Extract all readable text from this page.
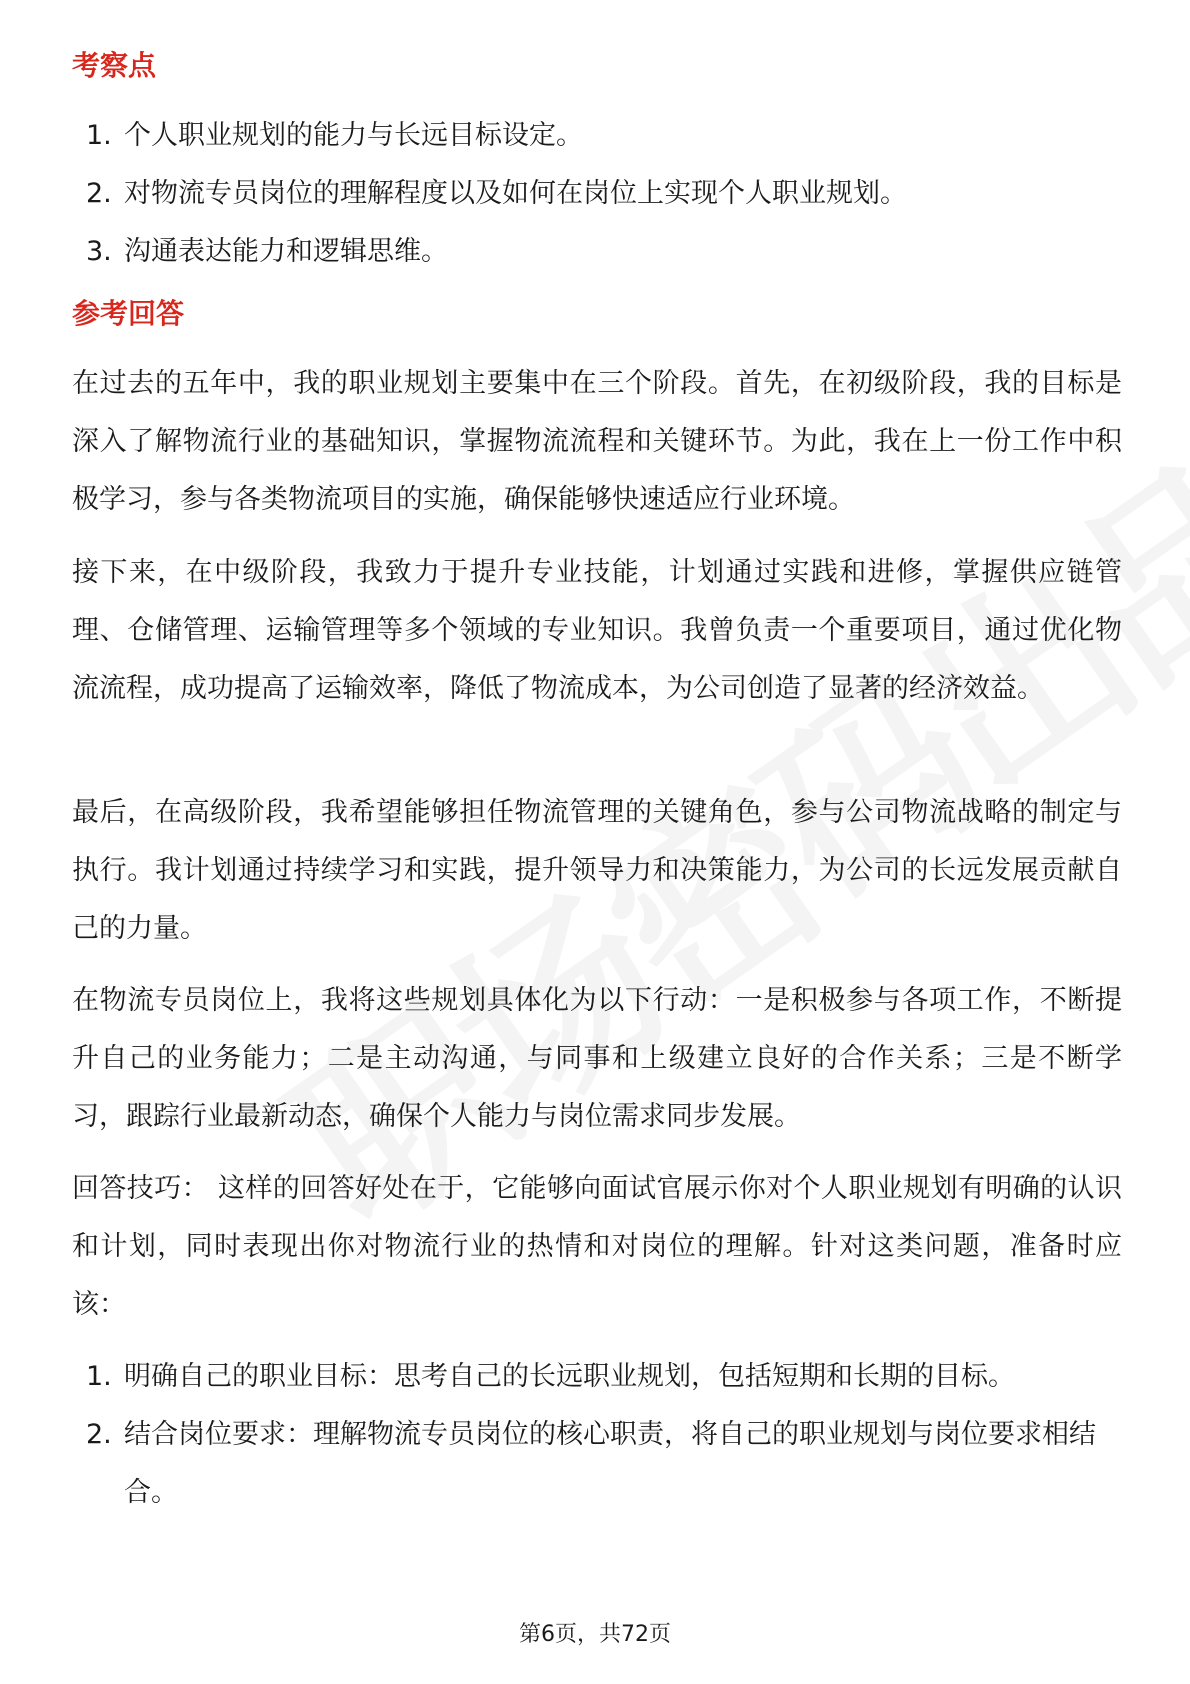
考察点
1. 个人职业规划的能力与长远目标设定。
2. 对物流专员岗位的理解程度以及如何在岗位上实现个人职业规划。
3. 沟通表达能力和逻辑思维。
参考回答

在过去的五年中，我的职业规划主要集中在三个阶段。首先，在初级阶段，我的目标是深入了解物流行业的基础知识，掌握物流流程和关键环节。为此，我在上一份工作中积极学习，参与各类物流项目的实施，确保能够快速适应行业环境。

接下来，在中级阶段，我致力于提升专业技能，计划通过实践和进修，掌握供应链管理、仓储管理、运输管理等多个领域的专业知识。我曾负责一个重要项目，通过优化物流流程，成功提高了运输效率，降低了物流成本，为公司创造了显著的经济效益。

最后，在高级阶段，我希望能够担任物流管理的关键角色，参与公司物流战略的制定与执行。我计划通过持续学习和实践，提升领导力和决策能力，为公司的长远发展贡献自己的力量。

在物流专员岗位上，我将这些规划具体化为以下行动：一是积极参与各项工作，不断提升自己的业务能力；二是主动沟通，与同事和上级建立良好的合作关系；三是不断学习，跟踪行业最新动态，确保个人能力与岗位需求同步发展。

回答技巧： 这样的回答好处在于，它能够向面试官展示你对个人职业规划有明确的认识和计划，同时表现出你对物流行业的热情和对岗位的理解。针对这类问题，准备时应该：

1. 明确自己的职业目标：思考自己的长远职业规划，包括短期和长期的目标。
2. 结合岗位要求：理解物流专员岗位的核心职责，将自己的职业规划与岗位要求相结合。
第6页，共72页
